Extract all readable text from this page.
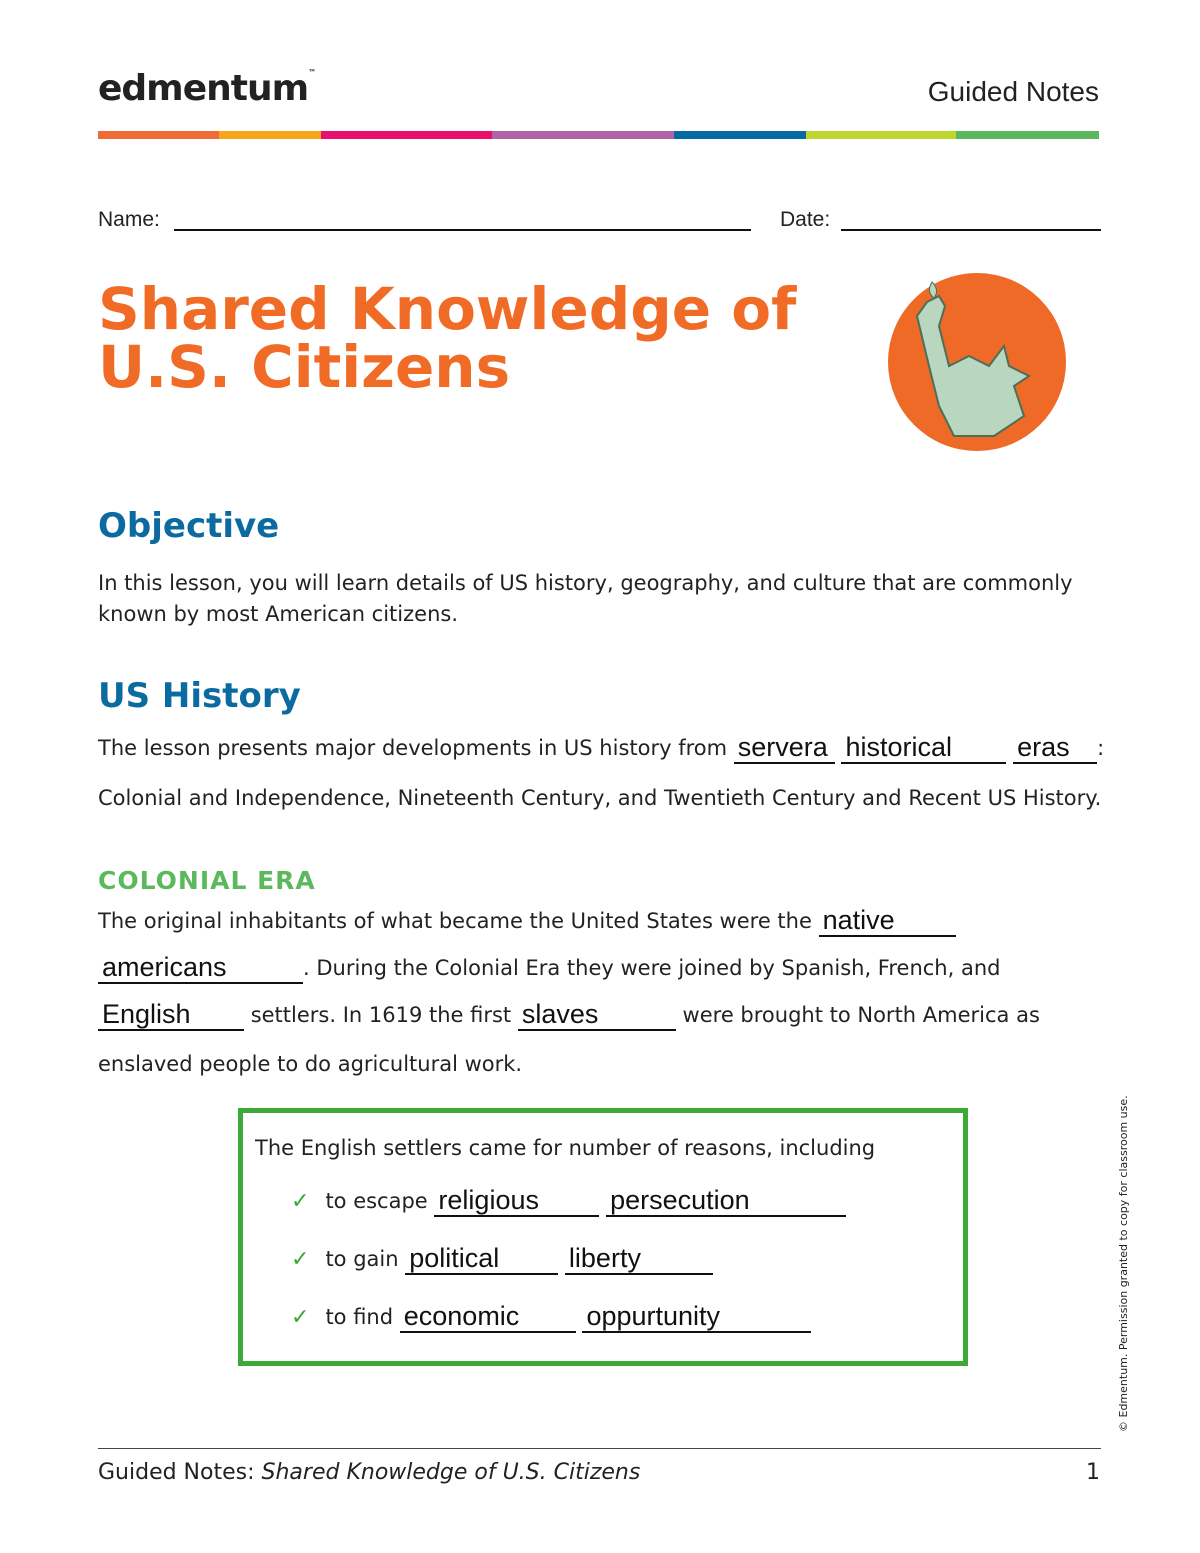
edmentum™
Guided Notes
Name:	Date:
Shared Knowledge of
U.S. Citizens
Objective
In this lesson, you will learn details of US history, geography, and culture that are commonly known by most American citizens.
US History
The lesson presents major developments in US history from servera historical eras :
Colonial and Independence, Nineteenth Century, and Twentieth Century and Recent US History.
COLONIAL ERA
The original inhabitants of what became the United States were the native
americans	. During the Colonial Era they were joined by Spanish, French, and
English	settlers. In 1619 the first slaves	were brought to North America as
enslaved people to do agricultural work.
The English settlers came for number of reasons, including
✓ to escape religious	persecution
✓ to gain political	liberty
✓ to find economic oppurtunity	© Edmentum. Permission granted to copy for classroom use.
Guided Notes: Shared Knowledge of U.S. Citizens	1
